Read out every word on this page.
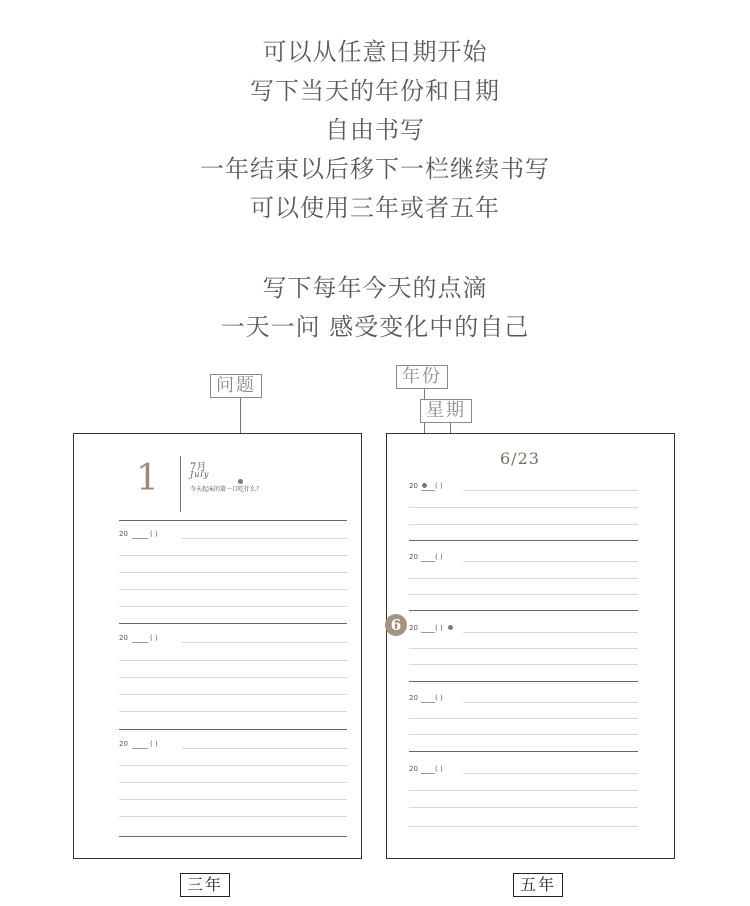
可以从任意日期开始
写下当天的年份和日期
自由书写
一年结束以后移下一栏继续书写
可以使用三年或者五年
写下每年今天的点滴
一天一问 感受变化中的自己
问题	年份
星期
1	7月
July
今天起床的第一口吃什么？
20	( )
20	( )
20	( )
6/23
20 ( )
20 ( )
20 ( )
20 ( )
20 ( )
6
三年	五年
